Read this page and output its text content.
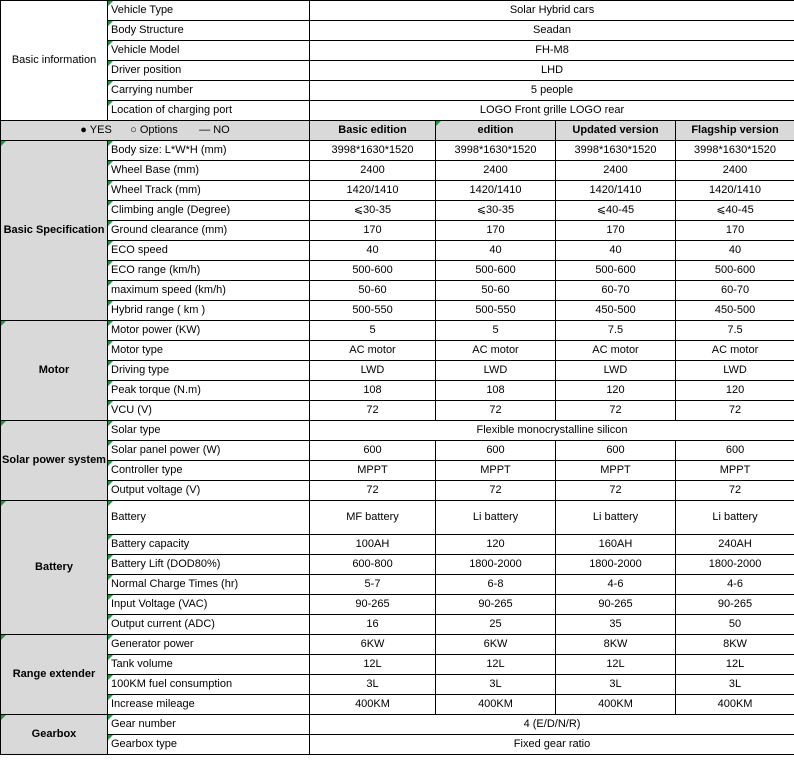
Basic information	Vehicle Type	Solar Hybrid cars			
	Body Structure	Seadan			
	Vehicle Model	FH-M8			
	Driver position	LHD			
	Carrying number	5 people			
	Location of charging port	LOGO Front grille LOGO rear			
● YES ○ Options — NO		Basic edition	edition	Updated version	Flagship version
Basic Specification	Body size: L*W*H (mm)	3998*1630*1520	3998*1630*1520	3998*1630*1520	3998*1630*1520
	Wheel Base (mm)	2400	2400	2400	2400
	Wheel Track (mm)	1420/1410	1420/1410	1420/1410	1420/1410
	Climbing angle (Degree)	⩽30-35	⩽30-35	⩽40-45	⩽40-45
	Ground clearance (mm)	170	170	170	170
	ECO speed	40	40	40	40
	ECO range (km/h)	500-600	500-600	500-600	500-600
	maximum speed (km/h)	50-60	50-60	60-70	60-70
	Hybrid range ( km )	500-550	500-550	450-500	450-500
Motor	Motor power (KW)	5	5	7.5	7.5
	Motor type	AC motor	AC motor	AC motor	AC motor
	Driving type	LWD	LWD	LWD	LWD
	Peak torque (N.m)	108	108	120	120
	VCU (V)	72	72	72	72
Solar power system	Solar type	Flexible monocrystalline silicon			
	Solar panel power (W)	600	600	600	600
	Controller type	MPPT	MPPT	MPPT	MPPT
	Output voltage (V)	72	72	72	72
Battery	Battery	MF battery	Li battery	Li battery	Li battery
	Battery capacity	100AH	120	160AH	240AH
	Battery Lift (DOD80%)	600-800	1800-2000	1800-2000	1800-2000
	Normal Charge Times (hr)	5-7	6-8	4-6	4-6
	Input Voltage (VAC)	90-265	90-265	90-265	90-265
	Output current (ADC)	16	25	35	50
Range extender	Generator power	6KW	6KW	8KW	8KW
	Tank volume	12L	12L	12L	12L
	100KM fuel consumption	3L	3L	3L	3L
	Increase mileage	400KM	400KM	400KM	400KM
Gearbox	Gear number	4 (E/D/N/R)			
	Gearbox type	Fixed gear ratio			
